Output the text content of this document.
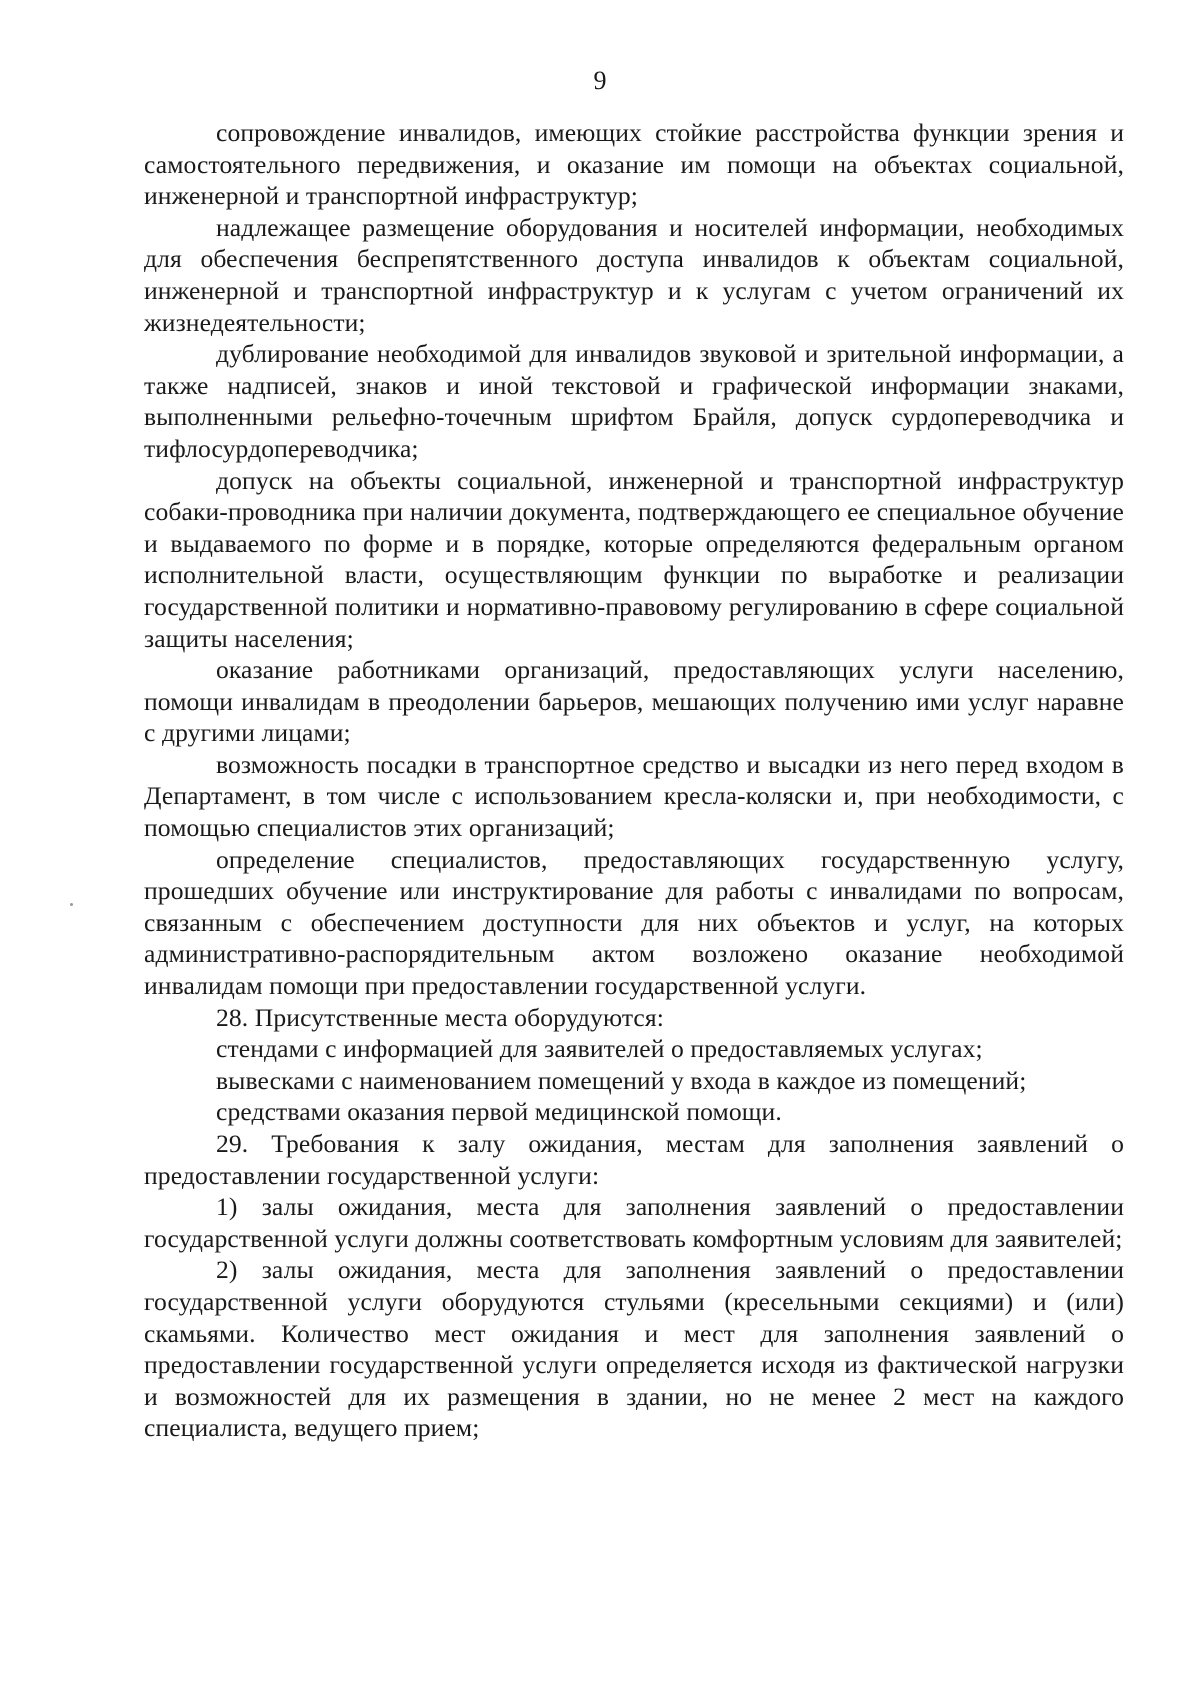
9

сопровождение инвалидов, имеющих стойкие расстройства функции зрения и самостоятельного передвижения, и оказание им помощи на объектах социальной, инженерной и транспортной инфраструктур;

надлежащее размещение оборудования и носителей информации, необходимых для обеспечения беспрепятственного доступа инвалидов к объектам социальной, инженерной и транспортной инфраструктур и к услугам с учетом ограничений их жизнедеятельности;

дублирование необходимой для инвалидов звуковой и зрительной информации, а также надписей, знаков и иной текстовой и графической информации знаками, выполненными рельефно-точечным шрифтом Брайля, допуск сурдопереводчика и тифлосурдопереводчика;

допуск на объекты социальной, инженерной и транспортной инфраструктур собаки-проводника при наличии документа, подтверждающего ее специальное обучение и выдаваемого по форме и в порядке, которые определяются федеральным органом исполнительной власти, осуществляющим функции по выработке и реализации государственной политики и нормативно-правовому регулированию в сфере социальной защиты населения;

оказание работниками организаций, предоставляющих услуги населению, помощи инвалидам в преодолении барьеров, мешающих получению ими услуг наравне с другими лицами;

возможность посадки в транспортное средство и высадки из него перед входом в Департамент, в том числе с использованием кресла-коляски и, при необходимости, с помощью специалистов этих организаций;

определение специалистов, предоставляющих государственную услугу, прошедших обучение или инструктирование для работы с инвалидами по вопросам, связанным с обеспечением доступности для них объектов и услуг, на которых административно-распорядительным актом возложено оказание необходимой инвалидам помощи при предоставлении государственной услуги.

28. Присутственные места оборудуются:

стендами с информацией для заявителей о предоставляемых услугах;

вывесками с наименованием помещений у входа в каждое из помещений;

средствами оказания первой медицинской помощи.

29. Требования к залу ожидания, местам для заполнения заявлений о предоставлении государственной услуги:

1) залы ожидания, места для заполнения заявлений о предоставлении государственной услуги должны соответствовать комфортным условиям для заявителей;

2) залы ожидания, места для заполнения заявлений о предоставлении государственной услуги оборудуются стульями (кресельными секциями) и (или) скамьями. Количество мест ожидания и мест для заполнения заявлений о предоставлении государственной услуги определяется исходя из фактической нагрузки и возможностей для их размещения в здании, но не менее 2 мест на каждого специалиста, ведущего прием;
